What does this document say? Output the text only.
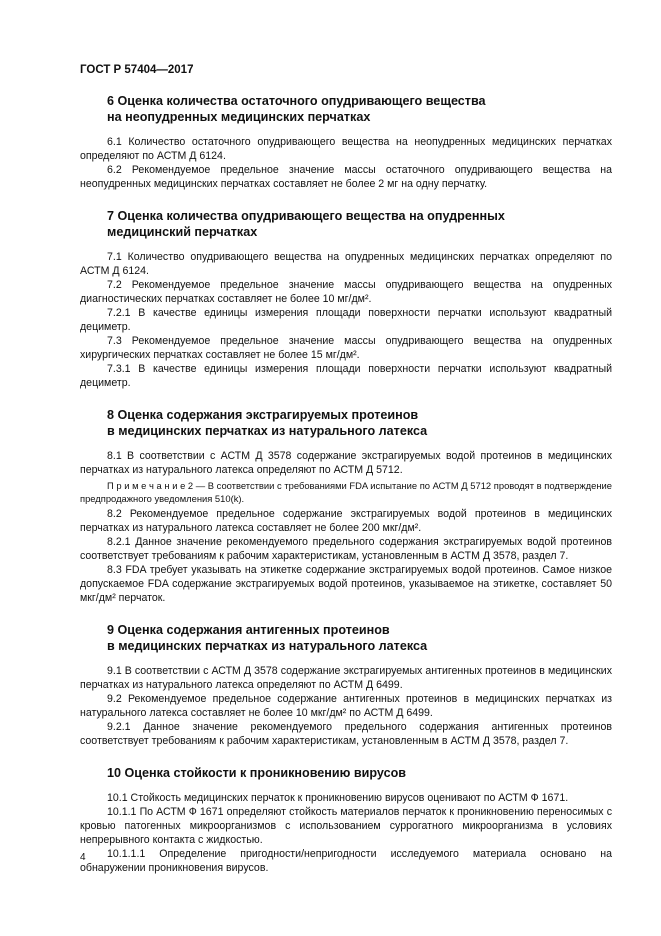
ГОСТ Р 57404—2017
6 Оценка количества остаточного опудривающего вещества
на неопудренных медицинских перчатках

6.1 Количество остаточного опудривающего вещества на неопудренных медицинских перчатках определяют по АСТМ Д 6124.

6.2 Рекомендуемое предельное значение массы остаточного опудривающего вещества на неопудренных медицинских перчатках составляет не более 2 мг на одну перчатку.

7 Оценка количества опудривающего вещества на опудренных
медицинский перчатках

7.1 Количество опудривающего вещества на опудренных медицинских перчатках определяют по АСТМ Д 6124.

7.2 Рекомендуемое предельное значение массы опудривающего вещества на опудренных диагностических перчатках составляет не более 10 мг/дм².

7.2.1 В качестве единицы измерения площади поверхности перчатки используют квадратный дециметр.

7.3 Рекомендуемое предельное значение массы опудривающего вещества на опудренных хирургических перчатках составляет не более 15 мг/дм².

7.3.1 В качестве единицы измерения площади поверхности перчатки используют квадратный дециметр.

8 Оценка содержания экстрагируемых протеинов
в медицинских перчатках из натурального латекса

8.1 В соответствии с АСТМ Д 3578 содержание экстрагируемых водой протеинов в медицинских перчатках из натурального латекса определяют по АСТМ Д 5712.

П р и м е ч а н и е 2 — В соответствии с требованиями FDA испытание по АСТМ Д 5712 проводят в подтверждение предпродажного уведомления 510(k).

8.2 Рекомендуемое предельное содержание экстрагируемых водой протеинов в медицинских перчатках из натурального латекса составляет не более 200 мкг/дм².

8.2.1 Данное значение рекомендуемого предельного содержания экстрагируемых водой протеинов соответствует требованиям к рабочим характеристикам, установленным в АСТМ Д 3578, раздел 7.

8.3 FDA требует указывать на этикетке содержание экстрагируемых водой протеинов. Самое низкое допускаемое FDA содержание экстрагируемых водой протеинов, указываемое на этикетке, составляет 50 мкг/дм² перчаток.

9 Оценка содержания антигенных протеинов
в медицинских перчатках из натурального латекса

9.1 В соответствии с АСТМ Д 3578 содержание экстрагируемых антигенных протеинов в медицинских перчатках из натурального латекса определяют по АСТМ Д 6499.

9.2 Рекомендуемое предельное содержание антигенных протеинов в медицинских перчатках из натурального латекса составляет не более 10 мкг/дм² по АСТМ Д 6499.

9.2.1 Данное значение рекомендуемого предельного содержания антигенных протеинов соответствует требованиям к рабочим характеристикам, установленным в АСТМ Д 3578, раздел 7.

10 Оценка стойкости к проникновению вирусов

10.1 Стойкость медицинских перчаток к проникновению вирусов оценивают по АСТМ Ф 1671.

10.1.1 По АСТМ Ф 1671 определяют стойкость материалов перчаток к проникновению переносимых с кровью патогенных микроорганизмов с использованием суррогатного микроорганизма в условиях непрерывного контакта с жидкостью.

10.1.1.1 Определение пригодности/непригодности исследуемого материала основано на обнаружении проникновения вирусов.

4
